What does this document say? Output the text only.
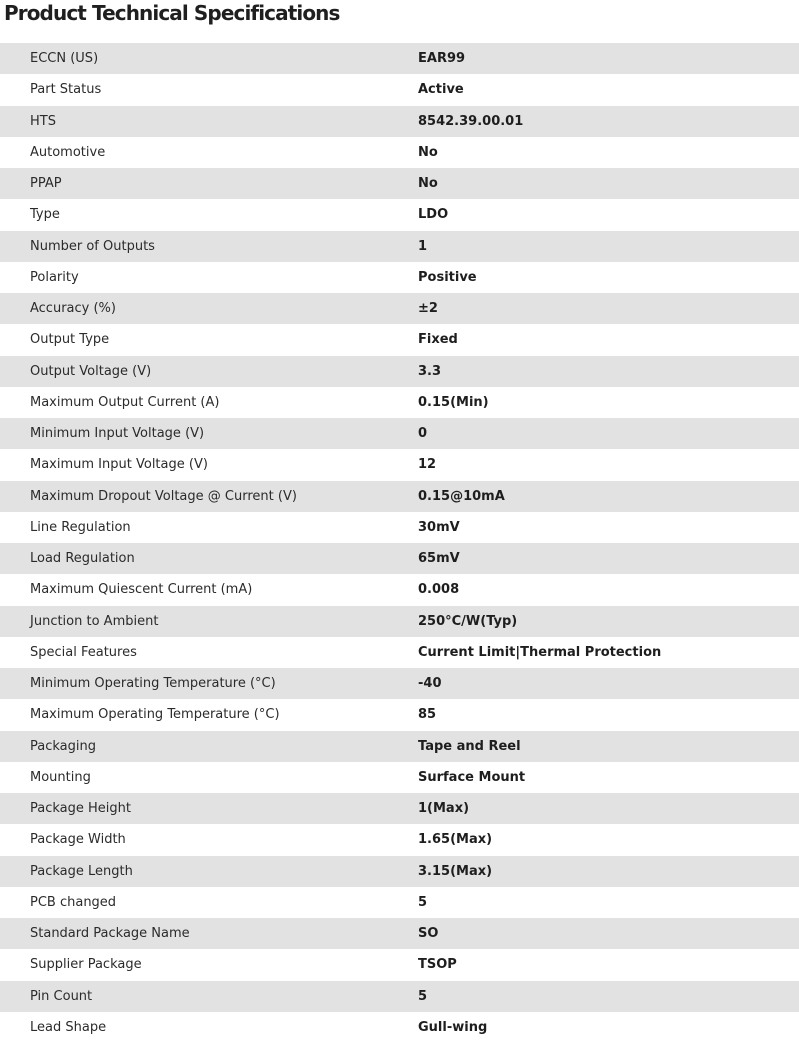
Product Technical Specifications
ECCN (US)	EAR99
Part Status	Active
HTS	8542.39.00.01
Automotive	No
PPAP	No
Type	LDO
Number of Outputs	1
Polarity	Positive
Accuracy (%)	±2
Output Type	Fixed
Output Voltage (V)	3.3
Maximum Output Current (A)	0.15(Min)
Minimum Input Voltage (V)	0
Maximum Input Voltage (V)	12
Maximum Dropout Voltage @ Current (V)	0.15@10mA
Line Regulation	30mV
Load Regulation	65mV
Maximum Quiescent Current (mA)	0.008
Junction to Ambient	250°C/W(Typ)
Special Features	Current Limit|Thermal Protection
Minimum Operating Temperature (°C)	-40
Maximum Operating Temperature (°C)	85
Packaging	Tape and Reel
Mounting	Surface Mount
Package Height	1(Max)
Package Width	1.65(Max)
Package Length	3.15(Max)
PCB changed	5
Standard Package Name	SO
Supplier Package	TSOP
Pin Count	5
Lead Shape	Gull-wing
